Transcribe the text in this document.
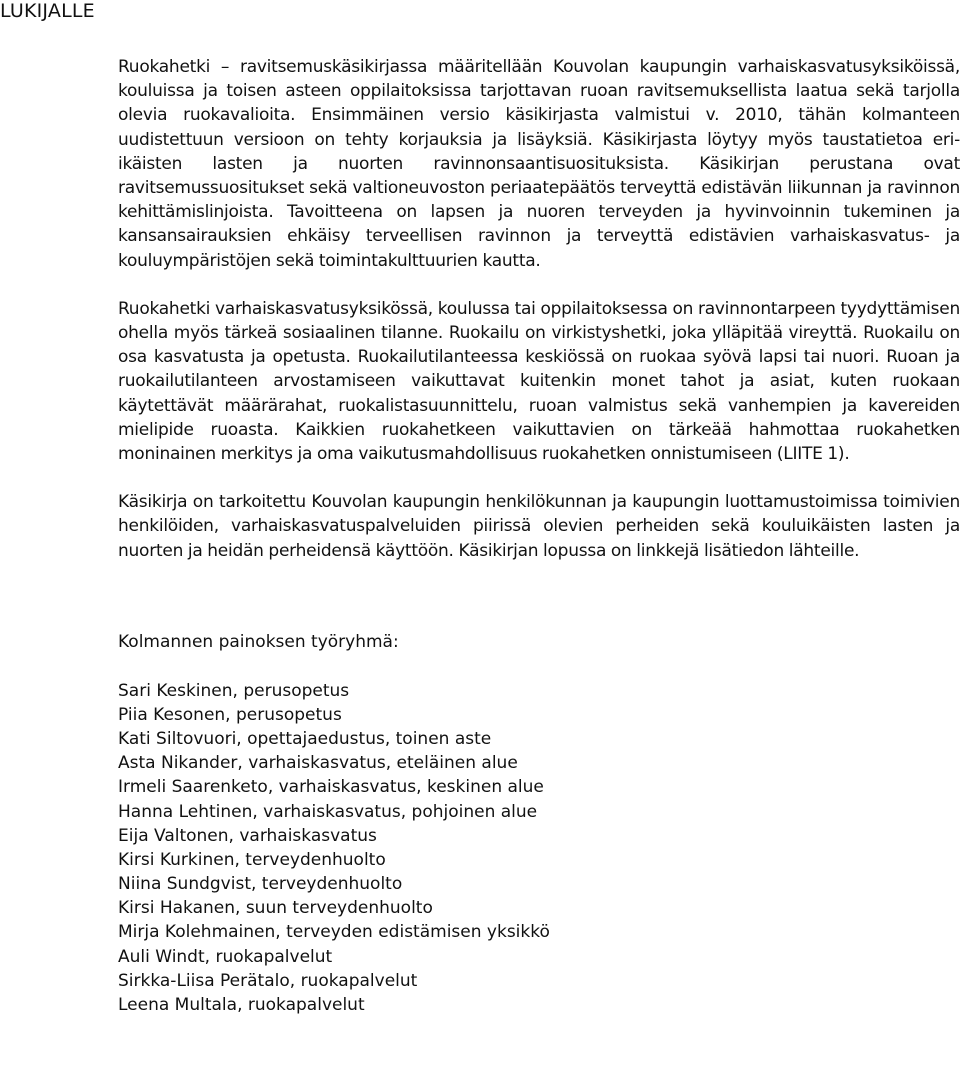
LUKIJALLE

Ruokahetki – ravitsemuskäsikirjassa määritellään Kouvolan kaupungin varhaiskasvatusyksiköissä, kouluissa ja toisen asteen oppilaitoksissa tarjottavan ruoan ravitsemuksellista laatua sekä tarjolla olevia ruokavalioita. Ensimmäinen versio käsikirjasta valmistui v. 2010, tähän kolmanteen uudistettuun versioon on tehty korjauksia ja lisäyksiä. Käsikirjasta löytyy myös taustatietoa eri-ikäisten lasten ja nuorten ravinnonsaantisuosituksista. Käsikirjan perustana ovat ravitsemussuositukset sekä valtioneuvoston periaatepäätös terveyttä edistävän liikunnan ja ravinnon kehittämislinjoista. Tavoitteena on lapsen ja nuoren terveyden ja hyvinvoinnin tukeminen ja kansansairauksien ehkäisy terveellisen ravinnon ja terveyttä edistävien varhaiskasvatus- ja kouluympäristöjen sekä toimintakulttuurien kautta.

Ruokahetki varhaiskasvatusyksikössä, koulussa tai oppilaitoksessa on ravinnontarpeen tyydyttämisen ohella myös tärkeä sosiaalinen tilanne. Ruokailu on virkistyshetki, joka ylläpitää vireyttä. Ruokailu on osa kasvatusta ja opetusta. Ruokailutilanteessa keskiössä on ruokaa syövä lapsi tai nuori. Ruoan ja ruokailutilanteen arvostamiseen vaikuttavat kuitenkin monet tahot ja asiat, kuten ruokaan käytettävät määrärahat, ruokalistasuunnittelu, ruoan valmistus sekä vanhempien ja kavereiden mielipide ruoasta. Kaikkien ruokahetkeen vaikuttavien on tärkeää hahmottaa ruokahetken moninainen merkitys ja oma vaikutusmahdollisuus ruokahetken onnistumiseen (LIITE 1).

Käsikirja on tarkoitettu Kouvolan kaupungin henkilökunnan ja kaupungin luottamustoimissa toimivien henkilöiden, varhaiskasvatuspalveluiden piirissä olevien perheiden sekä kouluikäisten lasten ja nuorten ja heidän perheidensä käyttöön. Käsikirjan lopussa on linkkejä lisätiedon lähteille.

Kolmannen painoksen työryhmä:
Sari Keskinen, perusopetus
Piia Kesonen, perusopetus
Kati Siltovuori, opettajaedustus, toinen aste
Asta Nikander, varhaiskasvatus, eteläinen alue
Irmeli Saarenketo, varhaiskasvatus, keskinen alue
Hanna Lehtinen, varhaiskasvatus, pohjoinen alue
Eija Valtonen, varhaiskasvatus
Kirsi Kurkinen, terveydenhuolto
Niina Sundgvist, terveydenhuolto
Kirsi Hakanen, suun terveydenhuolto
Mirja Kolehmainen, terveyden edistämisen yksikkö
Auli Windt, ruokapalvelut
Sirkka-Liisa Perätalo, ruokapalvelut
Leena Multala, ruokapalvelut
